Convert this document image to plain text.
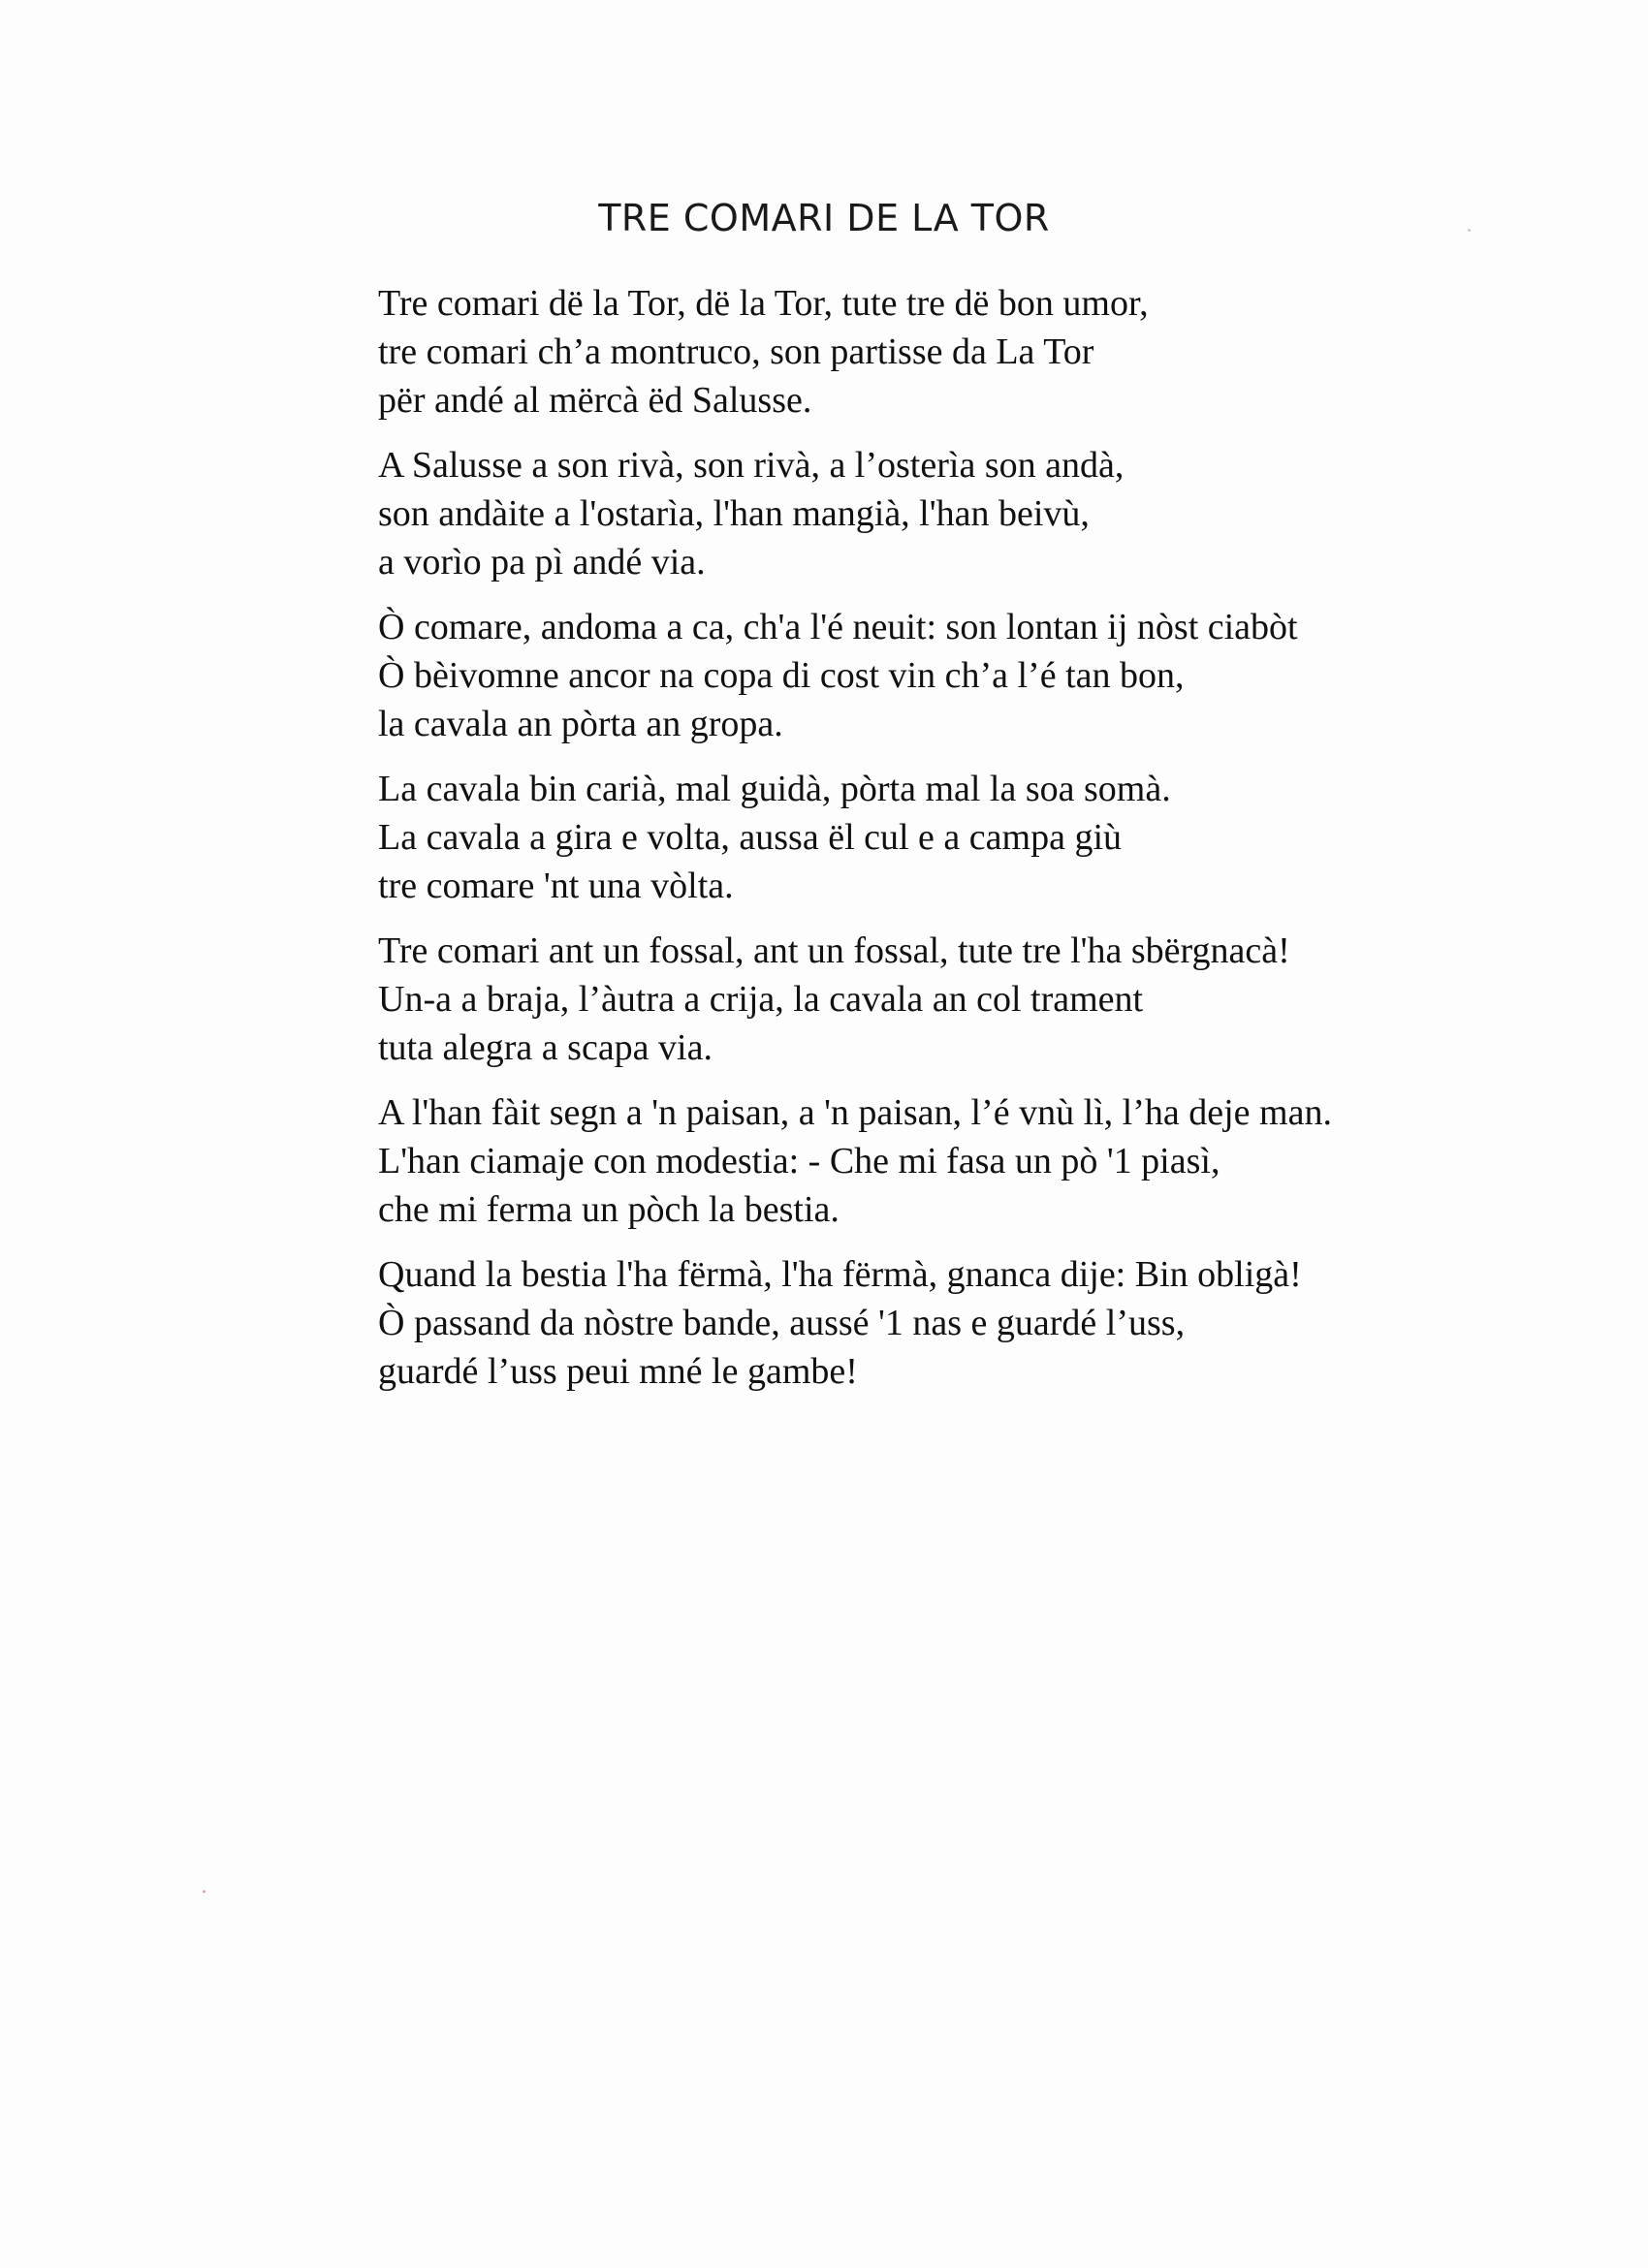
TRE COMARI DE LA TOR
Tre comari dë la Tor, dë la Tor, tute tre dë bon umor,
tre comari ch’a montruco, son partisse da La Tor
për andé al mërcà ëd Salusse.
A Salusse a son rivà, son rivà, a l’osterìa son andà,
son andàite a l'ostarìa, l'han mangià, l'han beivù,
a vorìo pa pì andé via.
Ò comare, andoma a ca, ch'a l'é neuit: son lontan ij nòst ciabòt
Ò bèivomne ancor na copa di cost vin ch’a l’é tan bon,
la cavala an pòrta an gropa.
La cavala bin carià, mal guidà, pòrta mal la soa somà.
La cavala a gira e volta, aussa ël cul e a campa giù
tre comare 'nt una vòlta.
Tre comari ant un fossal, ant un fossal, tute tre l'ha sbërgnacà!
Un-a a braja, l’àutra a crija, la cavala an col trament
tuta alegra a scapa via.
A l'han fàit segn a 'n paisan, a 'n paisan, l’é vnù lì, l’ha deje man.
L'han ciamaje con modestia: - Che mi fasa un pò '1 piasì,
che mi ferma un pòch la bestia.
Quand la bestia l'ha fërmà, l'ha fërmà, gnanca dije: Bin obligà!
Ò passand da nòstre bande, aussé '1 nas e guardé l’uss,
guardé l’uss peui mné le gambe!
